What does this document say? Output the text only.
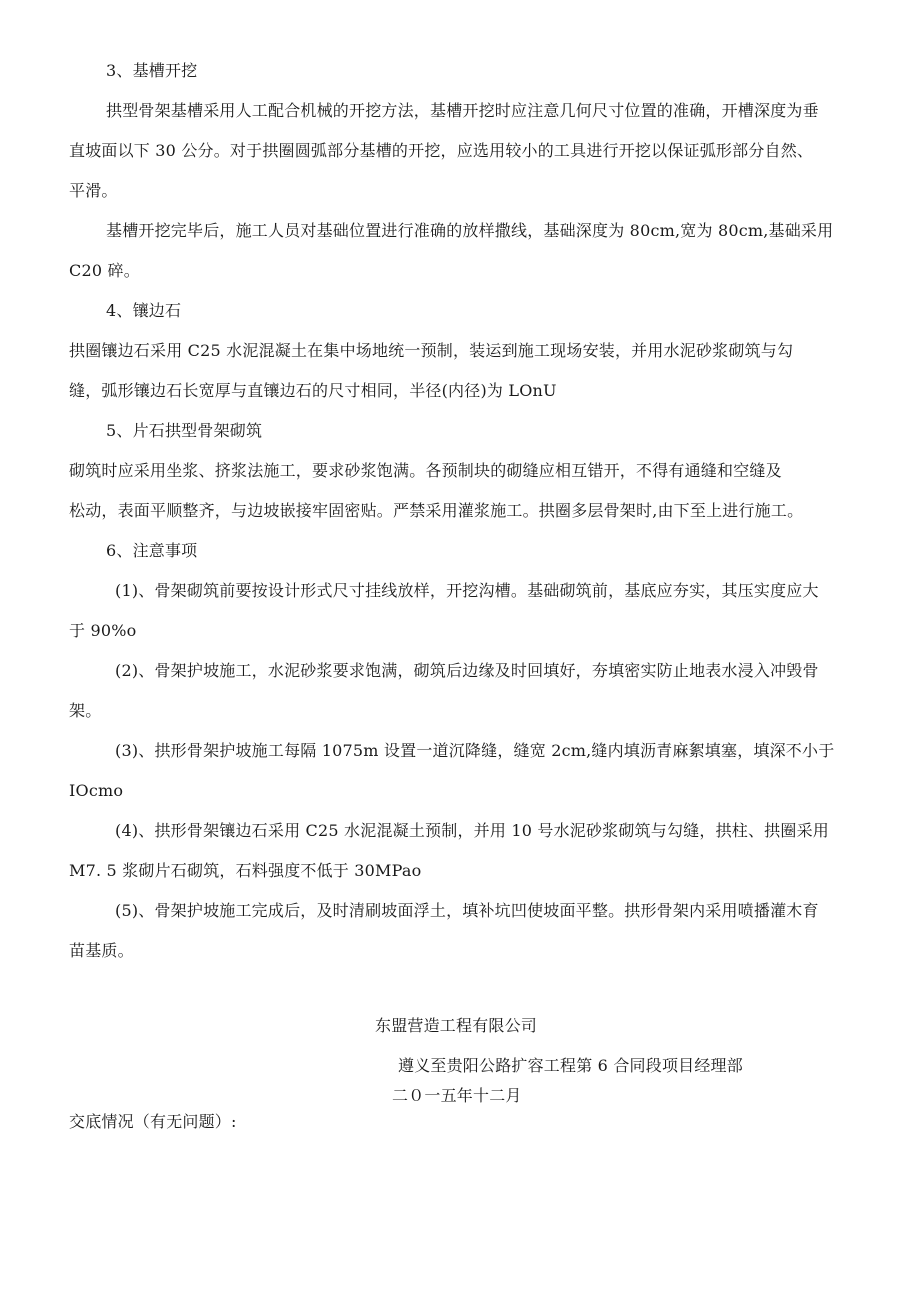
3、基槽开挖
拱型骨架基槽采用人工配合机械的开挖方法，基槽开挖时应注意几何尺寸位置的准确，开槽深度为垂
直坡面以下 30 公分。对于拱圈圆弧部分基槽的开挖，应选用较小的工具进行开挖以保证弧形部分自然、
平滑。
基槽开挖完毕后，施工人员对基础位置进行准确的放样撒线，基础深度为 80cm,宽为 80cm,基础采用
C20 碎。
4、镶边石
拱圈镶边石采用 C25 水泥混凝土在集中场地统一预制，装运到施工现场安装，并用水泥砂浆砌筑与勾
缝，弧形镶边石长宽厚与直镶边石的尺寸相同，半径(内径)为 LOnU
5、片石拱型骨架砌筑
砌筑时应采用坐浆、挤浆法施工，要求砂浆饱满。各预制块的砌缝应相互错开，不得有通缝和空缝及
松动，表面平顺整齐，与边坡嵌接牢固密贴。严禁采用灌浆施工。拱圈多层骨架时,由下至上进行施工。
6、注意事项
(1)、骨架砌筑前要按设计形式尺寸挂线放样，开挖沟槽。基础砌筑前，基底应夯实，其压实度应大
于 90%o
(2)、骨架护坡施工，水泥砂浆要求饱满，砌筑后边缘及时回填好，夯填密实防止地表水浸入冲毁骨
架。
(3)、拱形骨架护坡施工每隔 1075m 设置一道沉降缝，缝宽 2cm,缝内填沥青麻絮填塞，填深不小于
IOcmo
(4)、拱形骨架镶边石采用 C25 水泥混凝土预制，并用 10 号水泥砂浆砌筑与勾缝，拱柱、拱圈采用
M7. 5 浆砌片石砌筑，石料强度不低于 30MPao
(5)、骨架护坡施工完成后，及时清刷坡面浮土，填补坑凹使坡面平整。拱形骨架内采用喷播灌木育
苗基质。
东盟营造工程有限公司
遵义至贵阳公路扩容工程第 6 合同段项目经理部
二０一五年十二月
交底情况（有无问题）:
